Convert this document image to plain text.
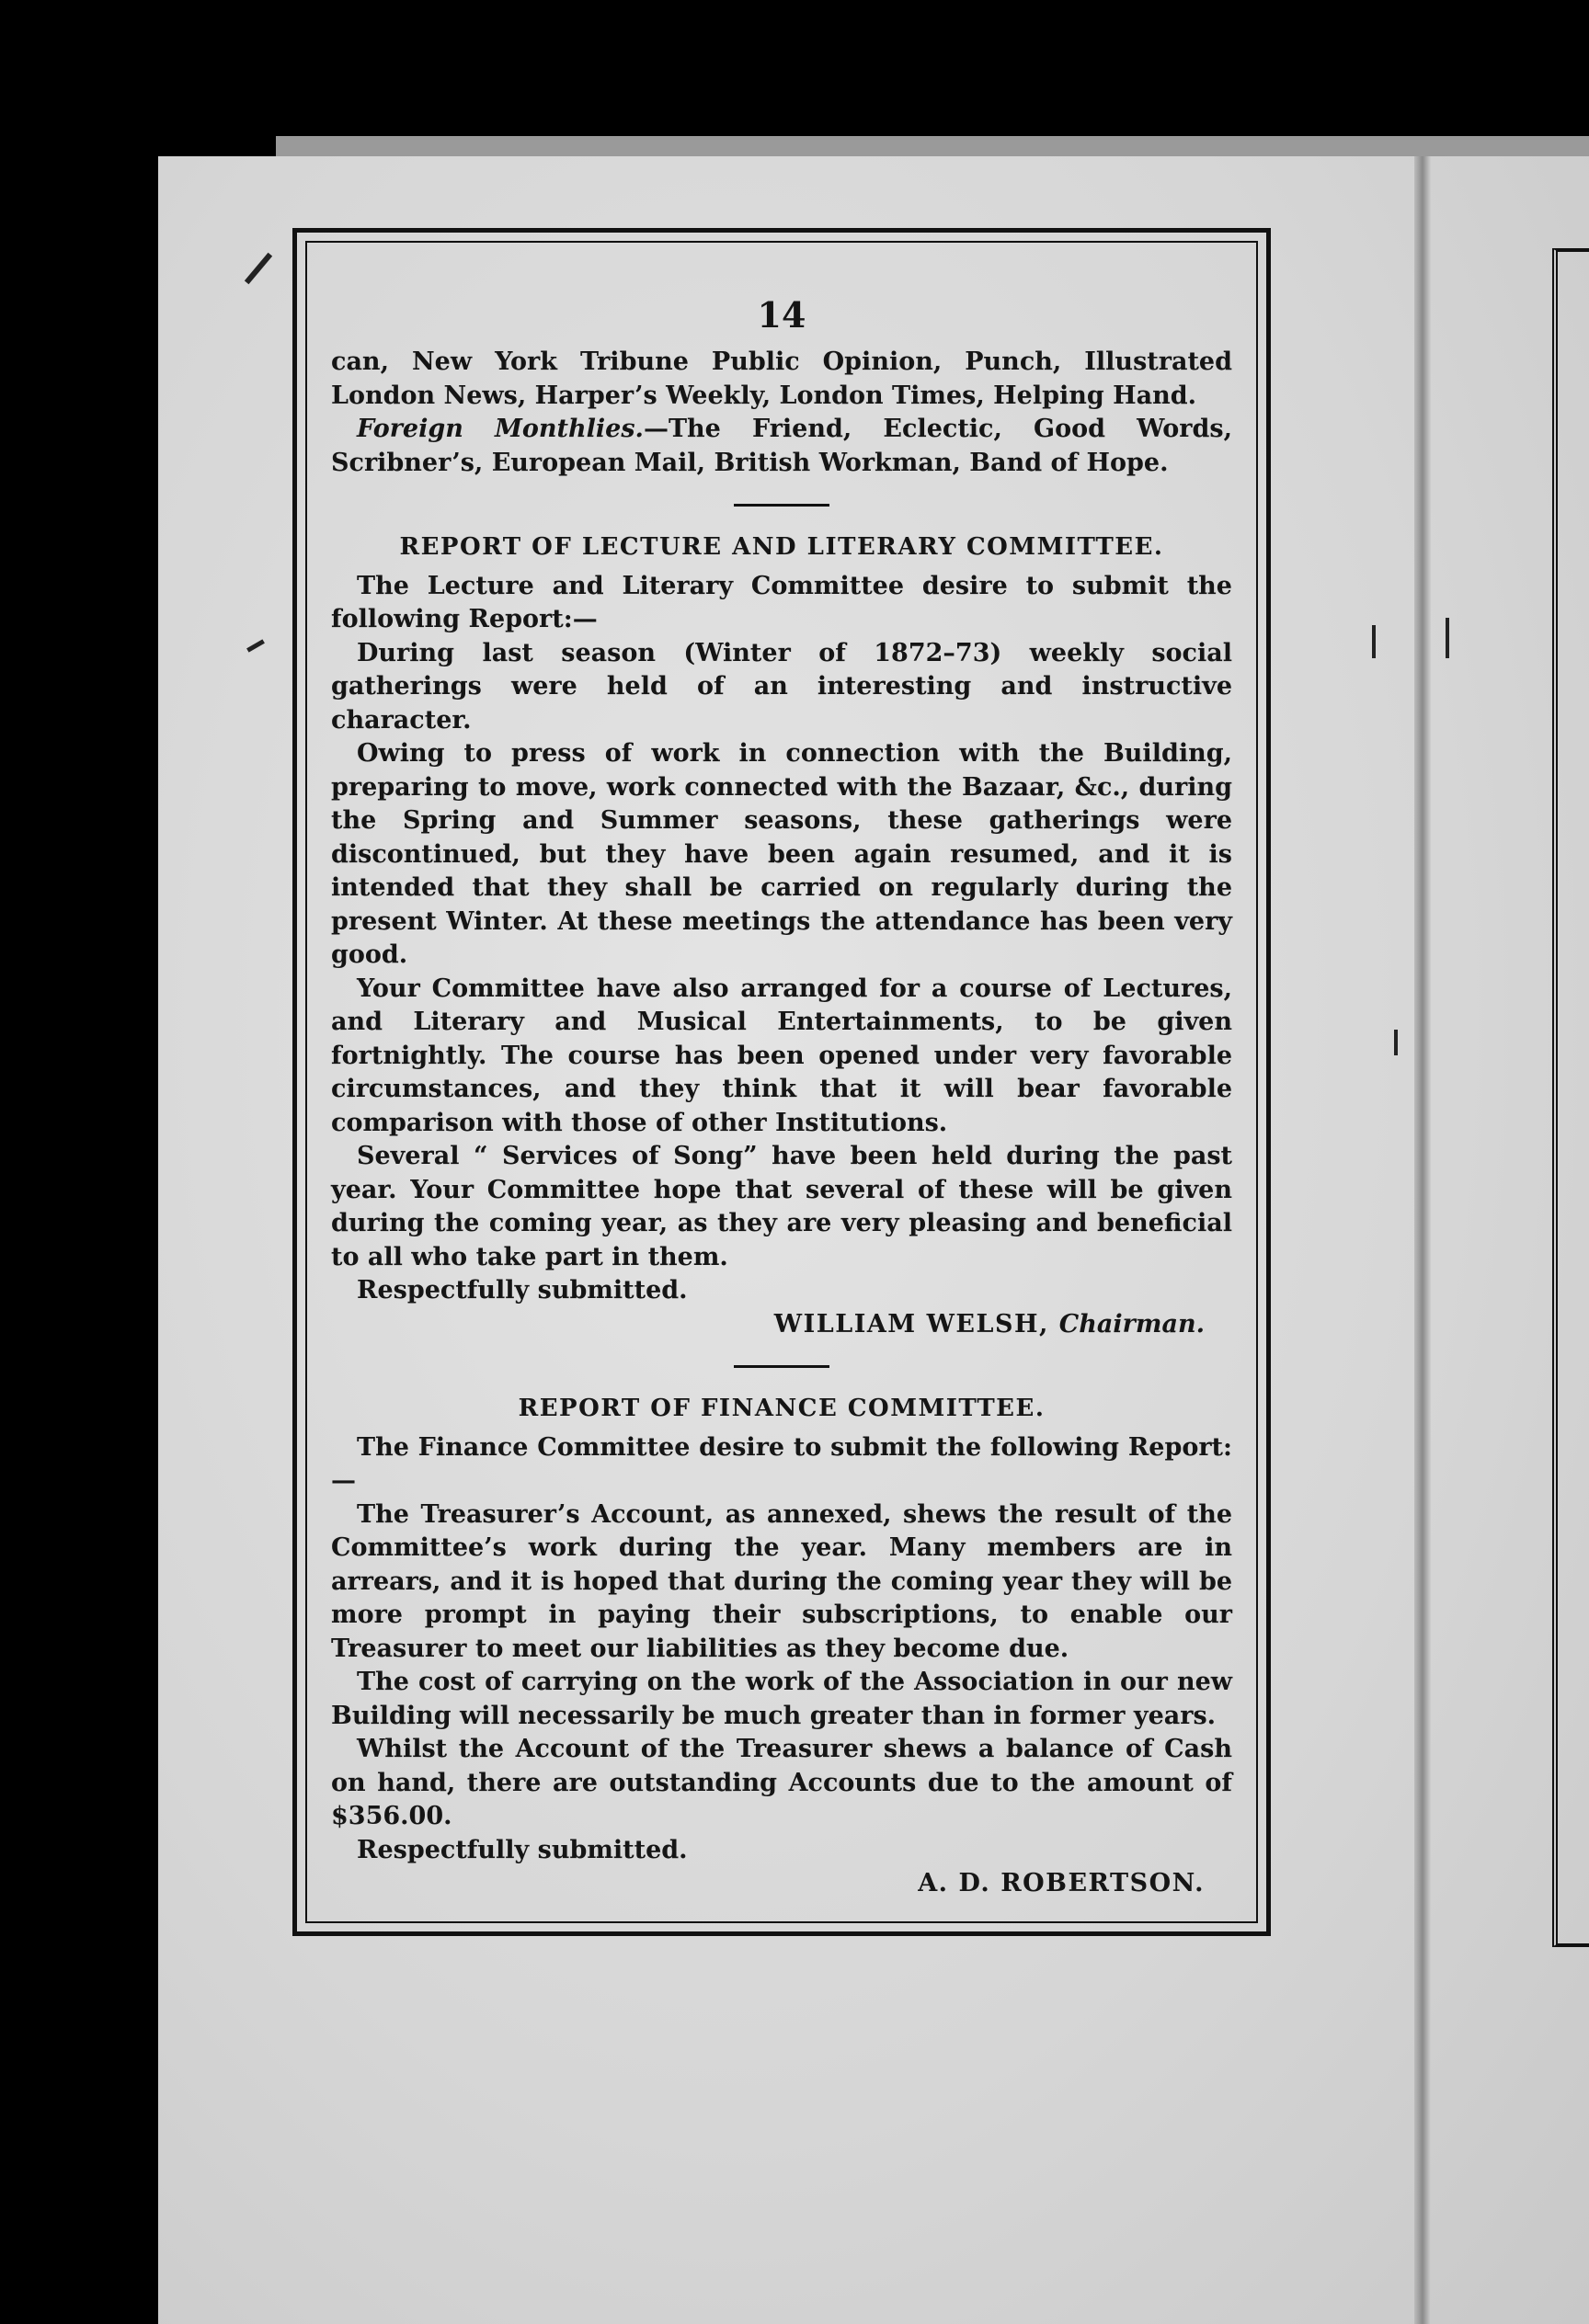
14

can, New York Tribune Public Opinion, Punch, Illustrated London News, Harper’s Weekly, London Times, Helping Hand.

Foreign Monthlies.—The Friend, Eclectic, Good Words, Scribner’s, European Mail, British Workman, Band of Hope.

REPORT OF LECTURE AND LITERARY COMMITTEE.

The Lecture and Literary Committee desire to submit the following Report:—

During last season (Winter of 1872–73) weekly social gatherings were held of an interesting and instructive character.

Owing to press of work in connection with the Building, preparing to move, work connected with the Bazaar, &c., during the Spring and Summer seasons, these gatherings were discontinued, but they have been again resumed, and it is intended that they shall be carried on regularly during the present Winter. At these meetings the attendance has been very good.

Your Committee have also arranged for a course of Lectures, and Literary and Musical Entertainments, to be given fortnightly. The course has been opened under very favorable circumstances, and they think that it will bear favorable comparison with those of other Institutions.

Several “ Services of Song” have been held during the past year. Your Committee hope that several of these will be given during the coming year, as they are very pleasing and beneficial to all who take part in them.

Respectfully submitted.

WILLIAM WELSH, Chairman.
REPORT OF FINANCE COMMITTEE.

The Finance Committee desire to submit the following Report:—

The Treasurer’s Account, as annexed, shews the result of the Committee’s work during the year. Many members are in arrears, and it is hoped that during the coming year they will be more prompt in paying their subscriptions, to enable our Treasurer to meet our liabilities as they become due.

The cost of carrying on the work of the Association in our new Building will necessarily be much greater than in former years.

Whilst the Account of the Treasurer shews a balance of Cash on hand, there are outstanding Accounts due to the amount of $356.00.

Respectfully submitted.

A. D. ROBERTSON.
